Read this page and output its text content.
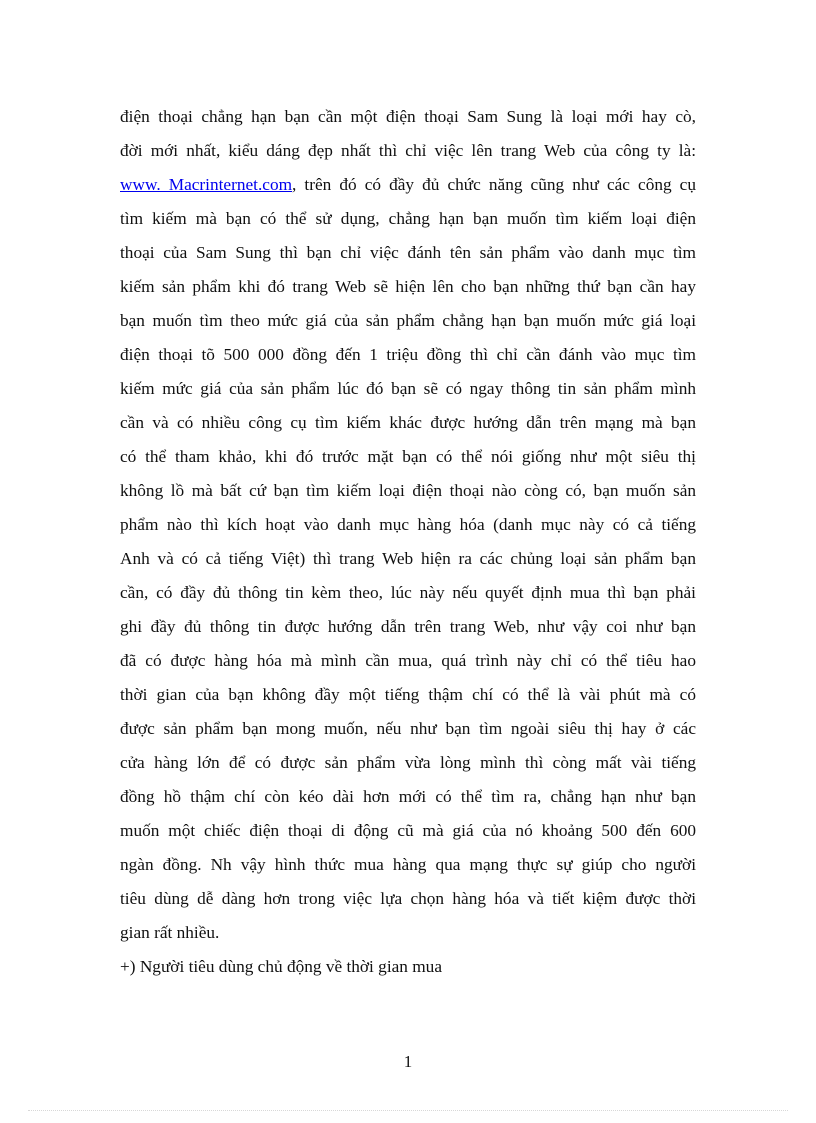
điện thoại chẳng hạn bạn cần một điện thoại Sam Sung là loại mới hay cò,
đời mới nhất, kiểu dáng đẹp nhất thì chỉ việc lên trang Web của công ty là:
www. Macrinternet.com, trên đó có đầy đủ chức năng cũng như các công cụ
tìm kiếm mà bạn có thể sử dụng, chẳng hạn bạn muốn tìm kiếm loại điện
thoại của Sam Sung thì bạn chỉ việc đánh tên sản phẩm vào danh mục tìm
kiếm sản phẩm khi đó trang Web sẽ hiện lên cho bạn những thứ bạn cần hay
bạn muốn tìm theo mức giá của sản phẩm chẳng hạn bạn muốn mức giá loại
điện thoại tõ 500 000 đồng đến 1 triệu đồng thì chỉ cần đánh vào mục tìm
kiếm mức giá của sản phẩm lúc đó bạn sẽ có ngay thông tin sản phẩm mình
cần và có nhiều công cụ tìm kiếm khác được hướng dẫn trên mạng mà bạn
có thể tham khảo, khi đó trước mặt bạn có thể nói giống như một siêu thị
không lồ mà bất cứ bạn tìm kiếm loại điện thoại nào còng có, bạn muốn sản
phẩm nào thì kích hoạt vào danh mục hàng hóa (danh mục này có cả tiếng
Anh và có cả tiếng Việt) thì trang Web hiện ra các chủng loại sản phẩm bạn
cần, có đầy đủ thông tin kèm theo, lúc này nếu quyết định mua thì bạn phải
ghi đầy đủ thông tin được hướng dẫn trên trang Web, như vậy coi như bạn
đã có được hàng hóa mà mình cần mua, quá trình này chỉ có thể tiêu hao
thời gian của bạn không đầy một tiếng thậm chí có thể là vài phút mà có
được sản phẩm bạn mong muốn, nếu như bạn tìm ngoài siêu thị hay ở các
cửa hàng lớn để có được sản phẩm vừa lòng mình thì còng mất vài tiếng
đồng hồ thậm chí còn kéo dài hơn mới có thể tìm ra, chẳng hạn như bạn
muốn một chiếc điện thoại di động cũ mà giá của nó khoảng 500 đến 600
ngàn đồng. Nh vậy hình thức mua hàng qua mạng thực sự giúp cho người
tiêu dùng dễ dàng hơn trong việc lựa chọn hàng hóa và tiết kiệm được thời
gian rất nhiều.
+) Người tiêu dùng chủ động về thời gian mua
1
